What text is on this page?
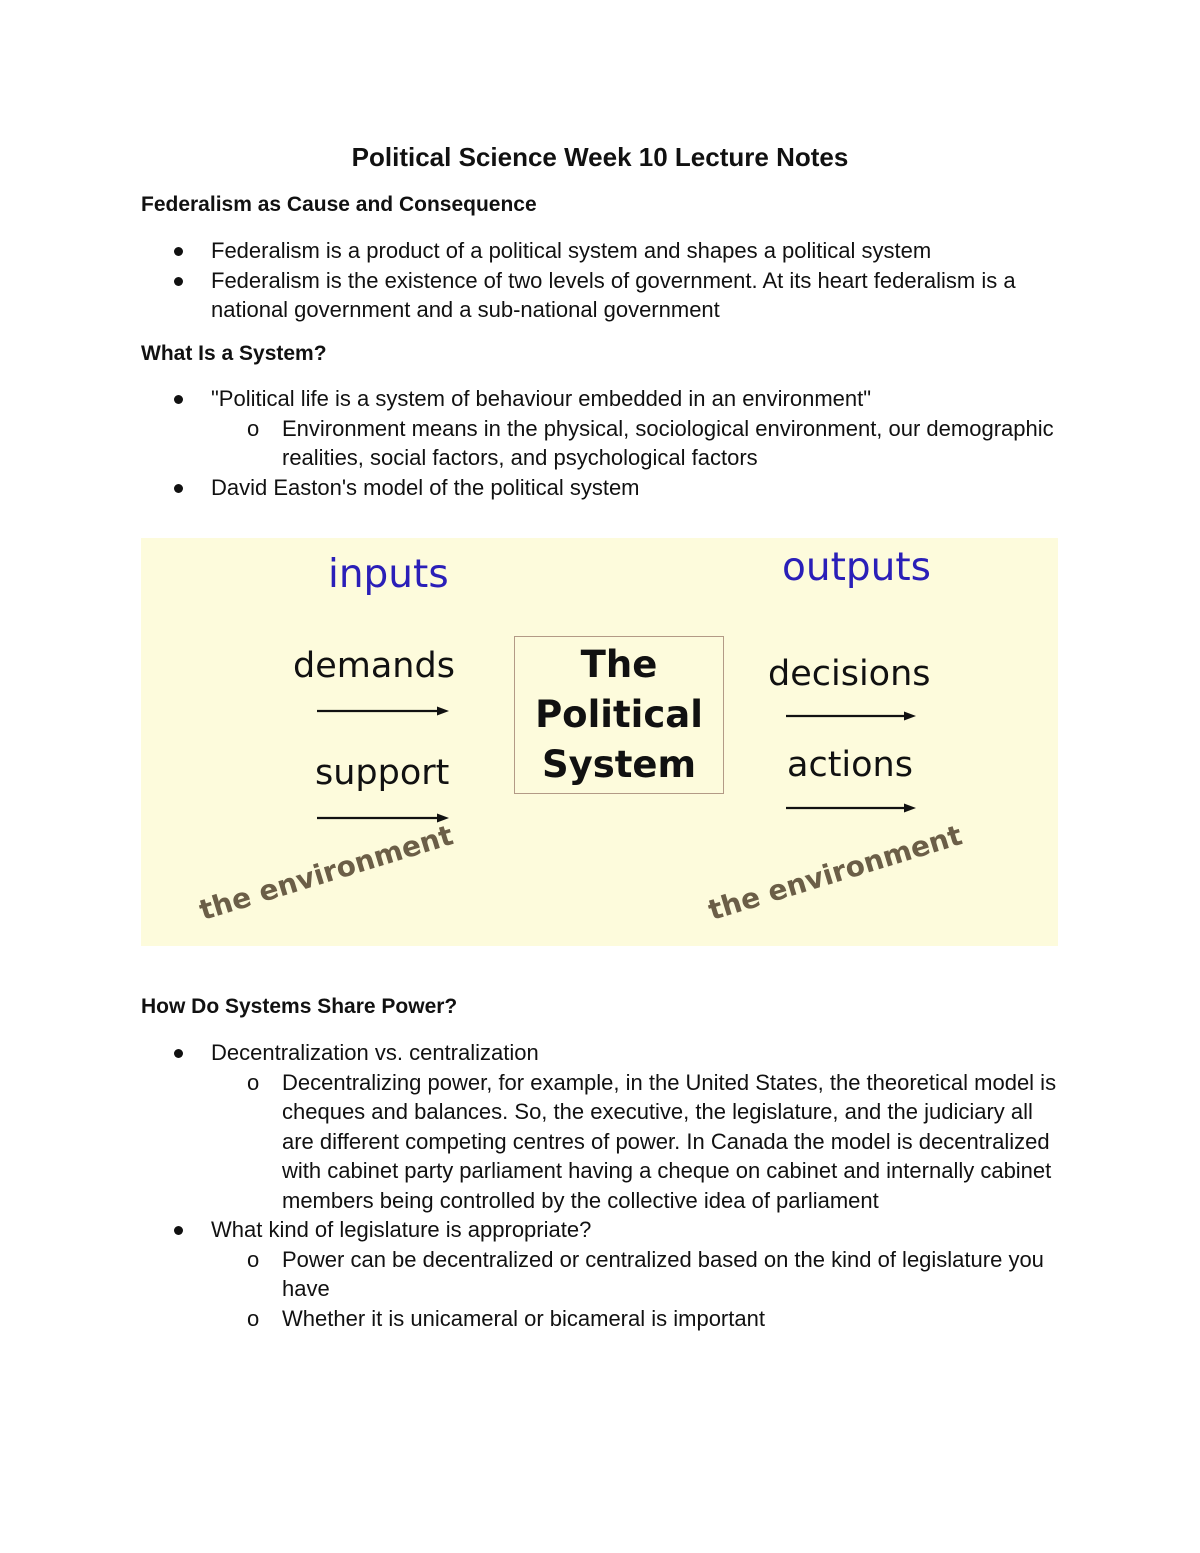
Political Science Week 10 Lecture Notes
Federalism as Cause and Consequence
Federalism is a product of a political system and shapes a political system
Federalism is the existence of two levels of government. At its heart federalism is a national government and a sub-national government
What Is a System?
"Political life is a system of behaviour embedded in an environment"
o Environment means in the physical, sociological environment, our demographic realities, social factors, and psychological factors
David Easton's model of the political system
inputs	outputs
demands
support
The
Political
System
decisions
actions
the environment	the environment
How Do Systems Share Power?
Decentralization vs. centralization
o Decentralizing power, for example, in the United States, the theoretical model is cheques and balances. So, the executive, the legislature, and the judiciary all are different competing centres of power. In Canada the model is decentralized with cabinet party parliament having a cheque on cabinet and internally cabinet members being controlled by the collective idea of parliament
What kind of legislature is appropriate?
o Power can be decentralized or centralized based on the kind of legislature you have
o Whether it is unicameral or bicameral is important
